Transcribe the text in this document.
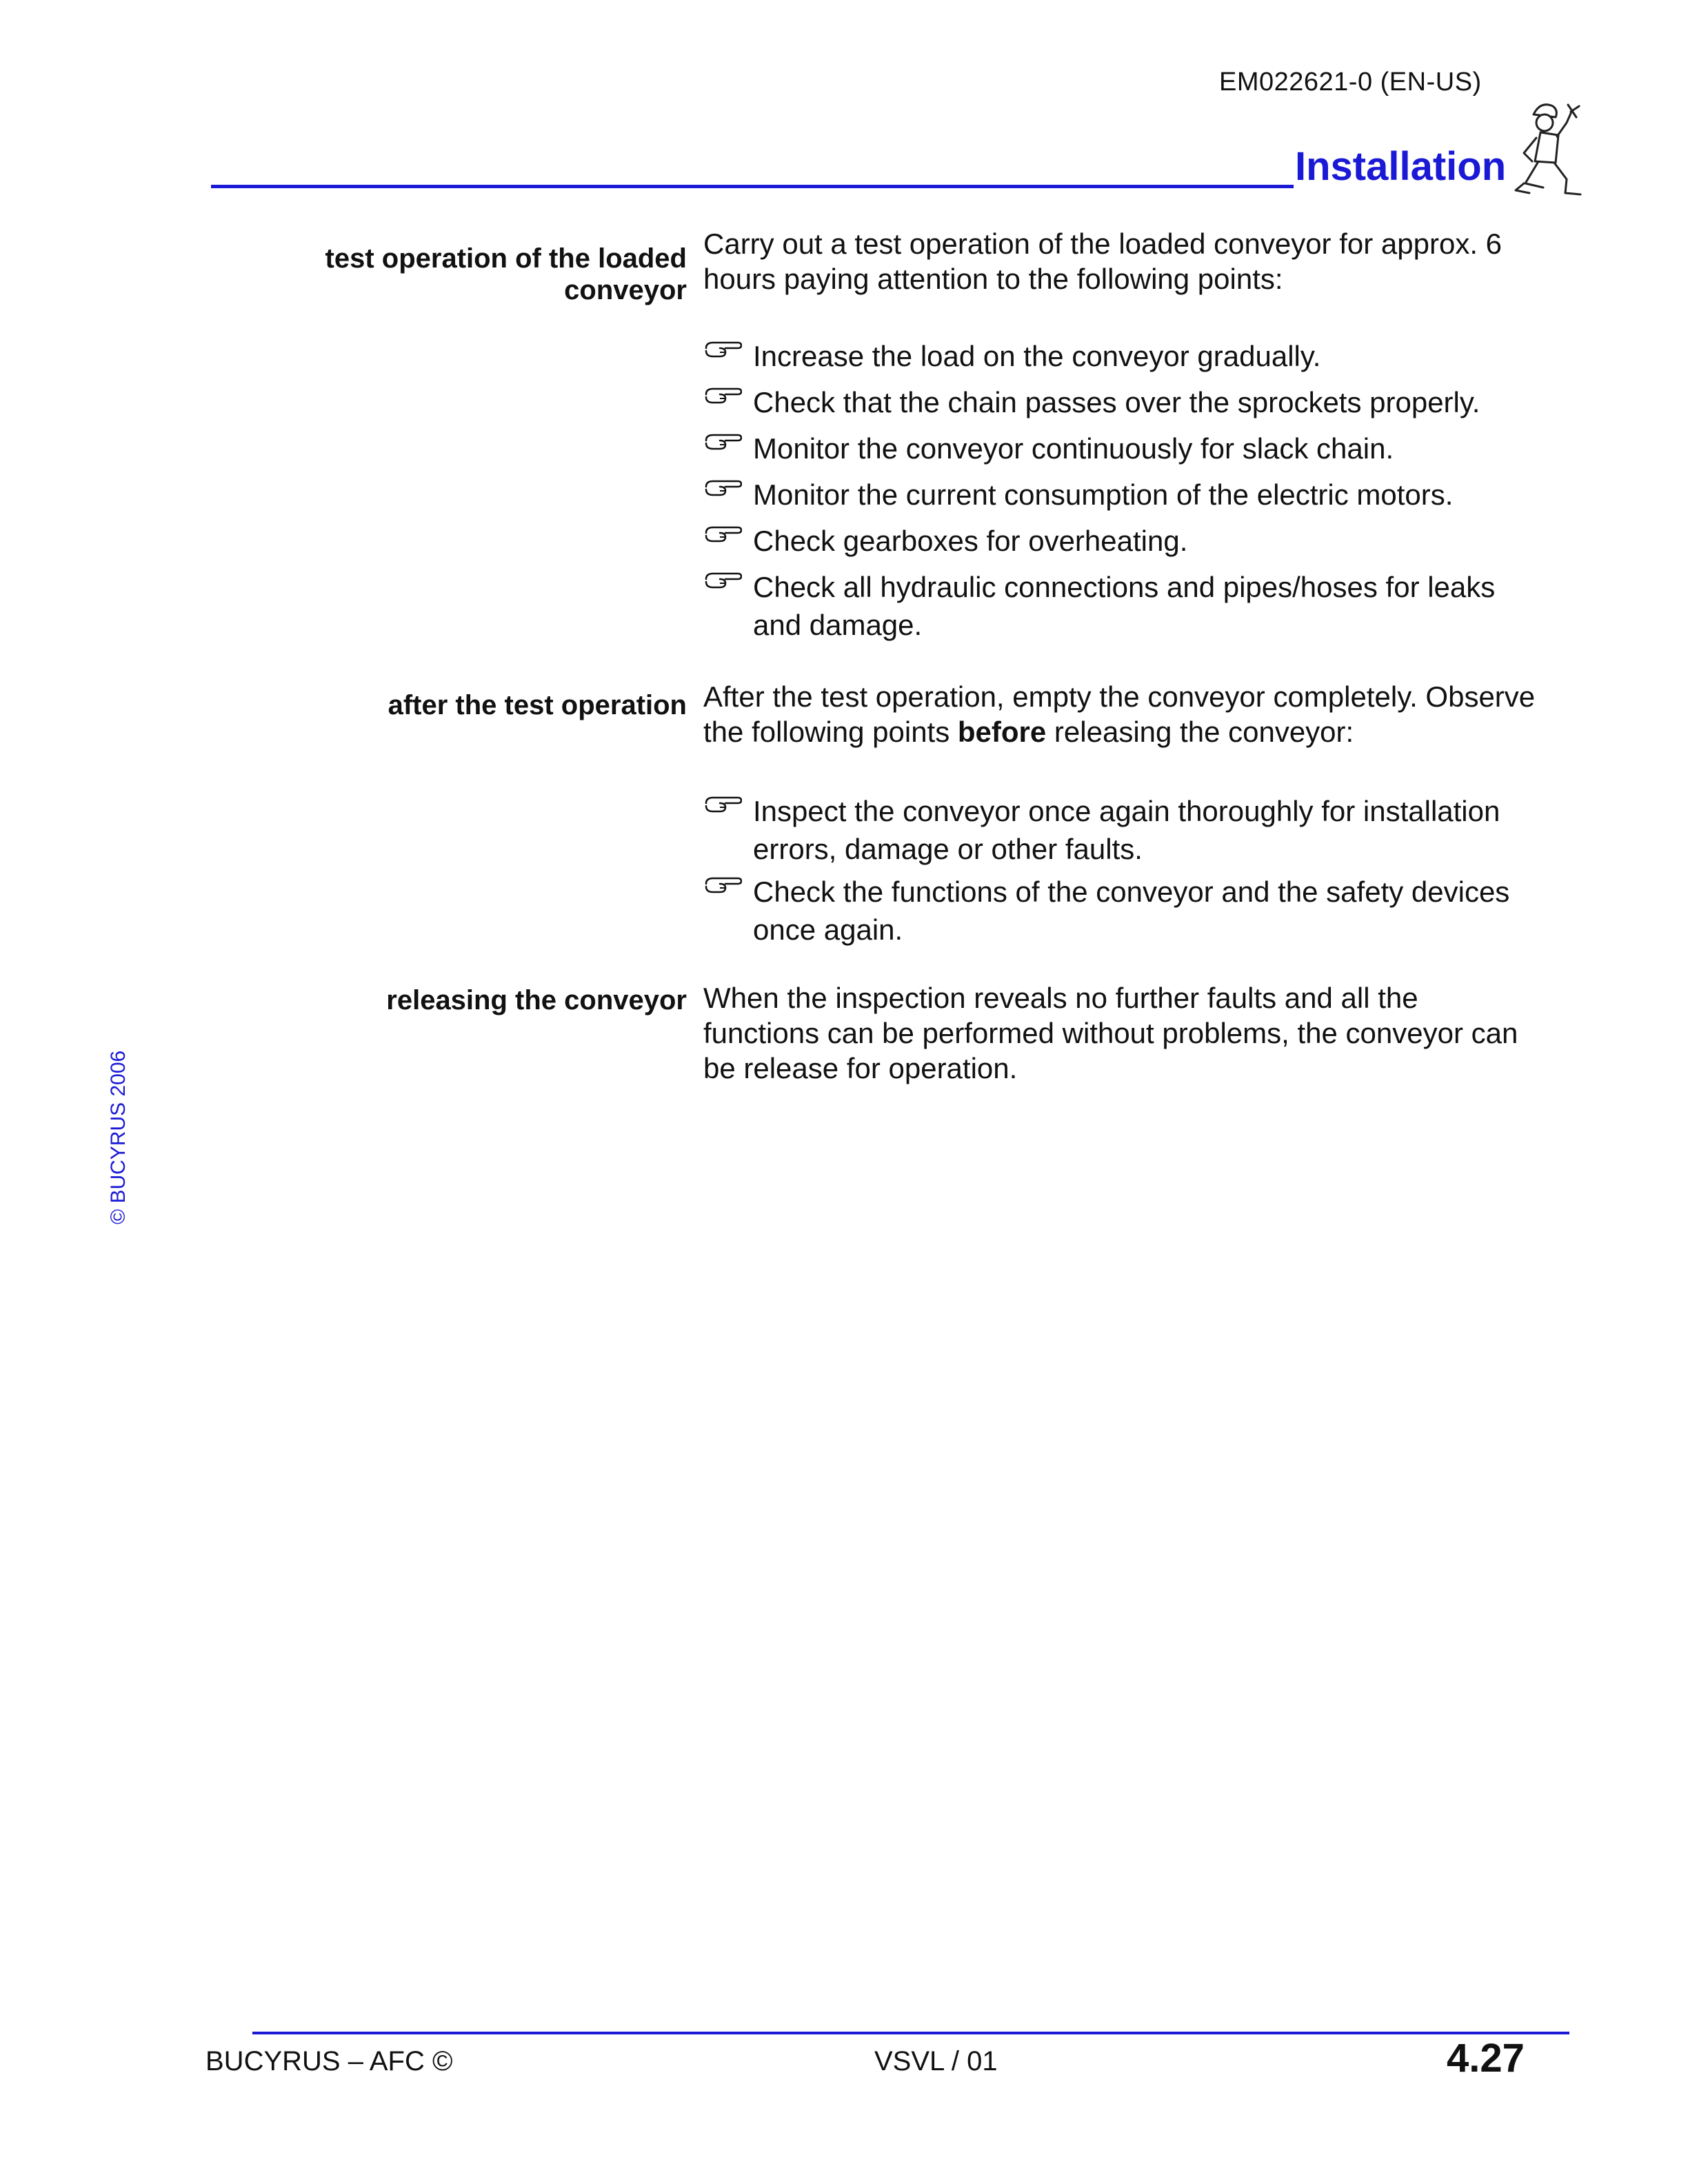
EM022621-0 (EN-US)
Installation
© BUCYRUS 2006
test operation of the loaded
conveyor
Carry out a test operation of the loaded conveyor for approx. 6
hours paying attention to the following points:
Increase the load on the conveyor gradually.
Check that the chain passes over the sprockets properly.
Monitor the conveyor continuously for slack chain.
Monitor the current consumption of the electric motors.
Check gearboxes for overheating.
Check all hydraulic connections and pipes/hoses for leaks
and damage.
after the test operation After the test operation, empty the conveyor completely. Observe
the following points before releasing the conveyor:
Inspect the conveyor once again thoroughly for installation
errors, damage or other faults.
Check the functions of the conveyor and the safety devices
once again.
releasing the conveyor When the inspection reveals no further faults and all the
functions can be performed without problems, the conveyor can
be release for operation.
BUCYRUS – AFC ©	VSVL / 01	4.27
